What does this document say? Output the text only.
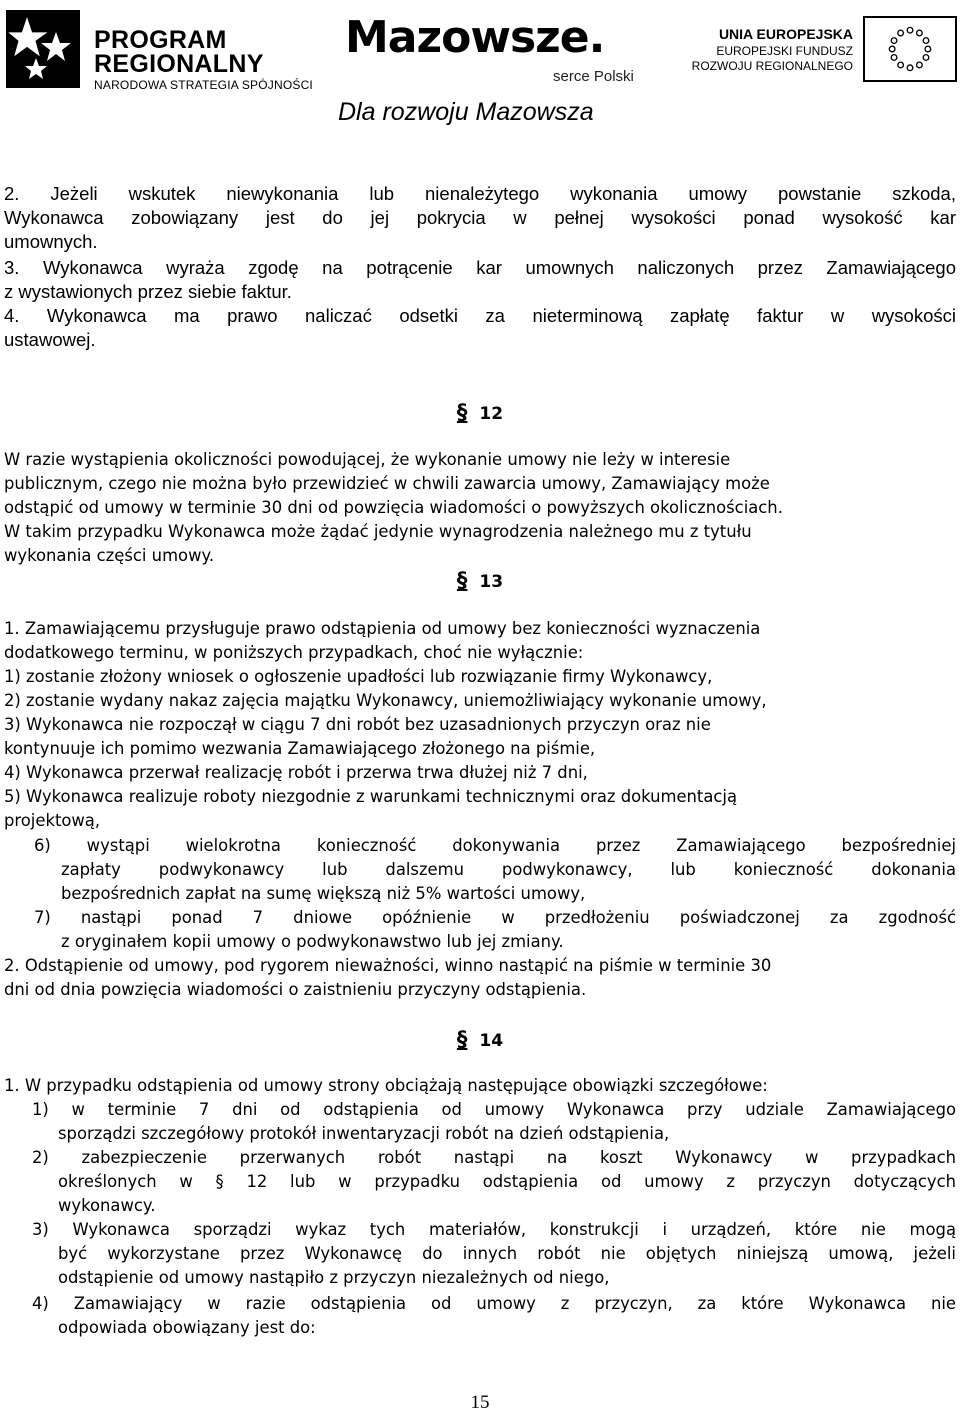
PROGRAM
REGIONALNY
NARODOWA STRATEGIA SPÓJNOŚCI
Mazowsze.
serce Polski
UNIA EUROPEJSKA
EUROPEJSKI FUNDUSZ
ROZWOJU REGIONALNEGO
Dla rozwoju Mazowsza
2. Jeżeli wskutek niewykonania lub nienależytego wykonania umowy powstanie szkoda,
Wykonawca zobowiązany jest do jej pokrycia w pełnej wysokości ponad wysokość kar
umownych.
3. Wykonawca wyraża zgodę na potrącenie kar umownych naliczonych przez Zamawiającego
z wystawionych przez siebie faktur.
4. Wykonawca ma prawo naliczać odsetki za nieterminową zapłatę faktur w wysokości
ustawowej.
§ 12
W razie wystąpienia okoliczności powodującej, że wykonanie umowy nie leży w interesie
publicznym, czego nie można było przewidzieć w chwili zawarcia umowy, Zamawiający może
odstąpić od umowy w terminie 30 dni od powzięcia wiadomości o powyższych okolicznościach.
W takim przypadku Wykonawca może żądać jedynie wynagrodzenia należnego mu z tytułu
wykonania części umowy.
§ 13
1. Zamawiającemu przysługuje prawo odstąpienia od umowy bez konieczności wyznaczenia
dodatkowego terminu, w poniższych przypadkach, choć nie wyłącznie:
1) zostanie złożony wniosek o ogłoszenie upadłości lub rozwiązanie firmy Wykonawcy,
2) zostanie wydany nakaz zajęcia majątku Wykonawcy, uniemożliwiający wykonanie umowy,
3) Wykonawca nie rozpoczął w ciągu 7 dni robót bez uzasadnionych przyczyn oraz nie
kontynuuje ich pomimo wezwania Zamawiającego złożonego na piśmie,
4) Wykonawca przerwał realizację robót i przerwa trwa dłużej niż 7 dni,
5) Wykonawca realizuje roboty niezgodnie z warunkami technicznymi oraz dokumentacją
projektową,
6) wystąpi wielokrotna konieczność dokonywania przez Zamawiającego bezpośredniej
zapłaty podwykonawcy lub dalszemu podwykonawcy, lub konieczność dokonania
bezpośrednich zapłat na sumę większą niż 5% wartości umowy,
7) nastąpi ponad 7 dniowe opóźnienie w przedłożeniu poświadczonej za zgodność
z oryginałem kopii umowy o podwykonawstwo lub jej zmiany.
2. Odstąpienie od umowy, pod rygorem nieważności, winno nastąpić na piśmie w terminie 30
dni od dnia powzięcia wiadomości o zaistnieniu przyczyny odstąpienia.
§ 14
1. W przypadku odstąpienia od umowy strony obciążają następujące obowiązki szczegółowe:
1) w terminie 7 dni od odstąpienia od umowy Wykonawca przy udziale Zamawiającego
sporządzi szczegółowy protokół inwentaryzacji robót na dzień odstąpienia,
2) zabezpieczenie przerwanych robót nastąpi na koszt Wykonawcy w przypadkach
określonych w § 12 lub w przypadku odstąpienia od umowy z przyczyn dotyczących
wykonawcy.
3) Wykonawca sporządzi wykaz tych materiałów, konstrukcji i urządzeń, które nie mogą
być wykorzystane przez Wykonawcę do innych robót nie objętych niniejszą umową, jeżeli
odstąpienie od umowy nastąpiło z przyczyn niezależnych od niego,
4) Zamawiający w razie odstąpienia od umowy z przyczyn, za które Wykonawca nie
odpowiada obowiązany jest do:
15
